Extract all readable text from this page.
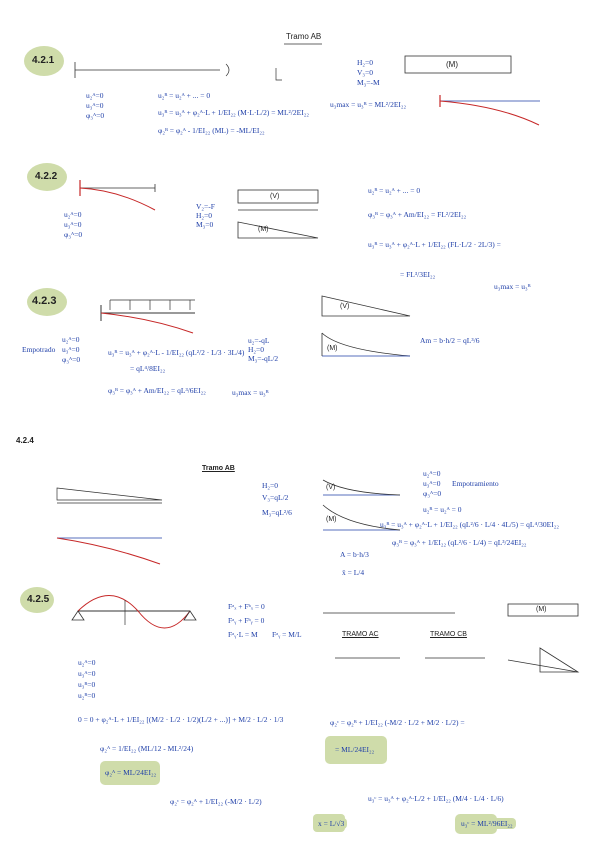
Tramo AB
4.2.1
4.2.2
4.2.3
4.2.4
4.2.5
u₂ᴬ=0
u₃ᴬ=0
φ₃ᴬ=0
H₂=0
V₃=0
M₃=-M
u₂ᴮ = u₂ᴬ + ... = 0
u₃ᴮ = u₃ᴬ + φ₂ᴬ·L + 1/EI₂₂ (M·L·L/2) = ML²/2EI₂₂
φ₂ᴮ = φ₂ᴬ - 1/EI₂₂ (ML) = -ML/EI₂₂
u₃max = u₃ᴮ = ML²/2EI₂₂
(M)
u₂ᴬ=0
u₃ᴬ=0
φ₃ᴬ=0
V₂=-F
H₂=0
M₃=0
(V)
(M)
u₂ᴮ = u₂ᴬ + ... = 0
φ₃ᴮ = φ₃ᴬ + Am/EI₂₂ = FL²/2EI₂₂
u₃ᴮ = u₃ᴬ + φ₂ᴬ·L + 1/EI₂₂ (FL·L/2 · 2L/3) =
= FL³/3EI₂₂
u₃max = u₃ᴮ
Empotrado
u₂ᴬ=0
u₃ᴬ=0
φ₃ᴬ=0
u₂=-qL
H₂=0
M₃=-qL/2
(V)
(M)
Am = b·h/2 = qL³/6
u₃ᴮ = u₃ᴬ + φ₂ᴬ·L - 1/EI₂₂ (qL²/2 · L/3 · 3L/4)
= qL⁴/8EI₂₂
φ₃ᴮ = φ₃ᴬ + Am/EI₂₂ = qL³/6EI₂₂	u₃max = u₃ᴮ
Tramo AB
u₂ᴬ=0
u₃ᴬ=0
φ₃ᴬ=0
Empotramiento
H₂=0
V₃=qL/2
M₃=qL²/6	u₂ᴮ = u₂ᴬ = 0
u₃ᴮ = u₃ᴬ + φ₂ᴬ·L + 1/EI₂₂ (qL²/6 · L/4 · 4L/5) = qL⁴/30EI₂₂
φ₃ᴮ = φ₃ᴬ + 1/EI₂₂ (qL²/6 · L/4) = qL³/24EI₂₂
A = b·h/3
x̄ = L/4
(V)
(M)
Fᵃₓ + Fᵇₓ = 0
Fᵃᵧ + Fᵇᵧ = 0
Fᵃᵧ·L = M Fᵃᵧ = M/L
u₂ᴬ=0
u₃ᴬ=0
u₃ᴮ=0
u₂ᴮ=0
TRAMO AC	TRAMO CB
(M)
0 = 0 + φ₂ᴬ·L + 1/EI₂₂ [(M/2 · L/2 · 1/2)(L/2 + ...)] + M/2 · L/2 · 1/3
φ₂ᴬ = 1/EI₂₂ (ML/12 - ML²/24)
φ₂ᴬ = ML/24EI₂₂
φ₂ᶜ = φ₂ᴬ + 1/EI₂₂ (-M/2 · L/2)
φ₂ᶜ = φ₂ᴮ + 1/EI₂₂ (-M/2 · L/2 + M/2 · L/2) =
= ML/24EI₂₂
u₃ᶜ = u₃ᴬ + φ₂ᴬ·L/2 + 1/EI₂₂ (M/4 · L/4 · L/6)
u₃ᶜ = ML²/96EI₂₂
x = L/√3
